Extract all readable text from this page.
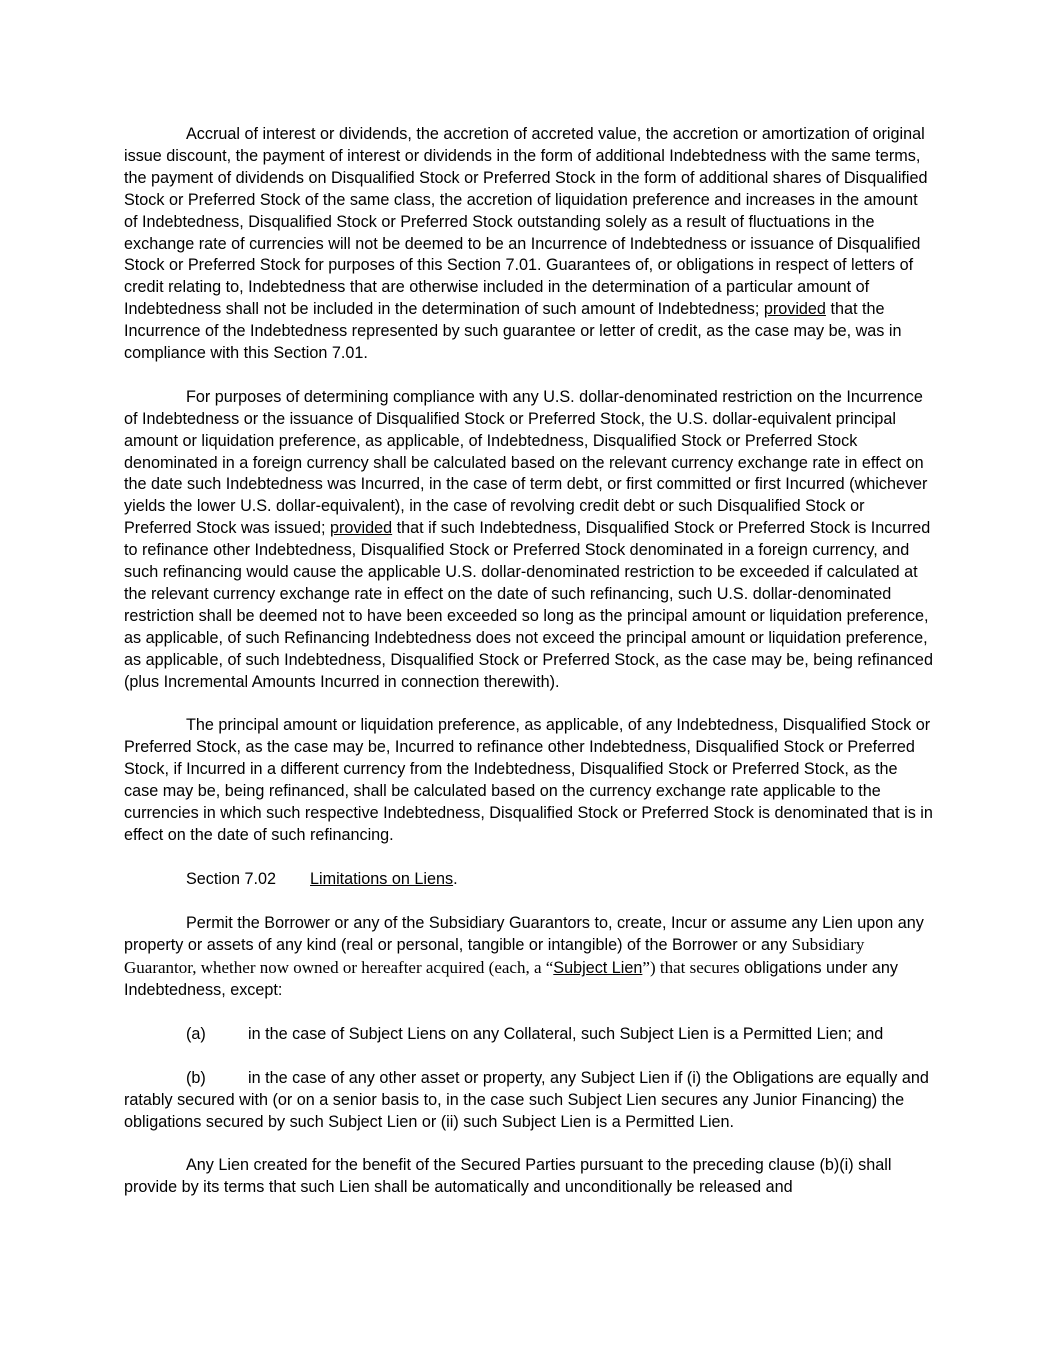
Accrual of interest or dividends, the accretion of accreted value, the accretion or amortization of original issue discount, the payment of interest or dividends in the form of additional Indebtedness with the same terms, the payment of dividends on Disqualified Stock or Preferred Stock in the form of additional shares of Disqualified Stock or Preferred Stock of the same class, the accretion of liquidation preference and increases in the amount of Indebtedness, Disqualified Stock or Preferred Stock outstanding solely as a result of fluctuations in the exchange rate of currencies will not be deemed to be an Incurrence of Indebtedness or issuance of Disqualified Stock or Preferred Stock for purposes of this Section 7.01. Guarantees of, or obligations in respect of letters of credit relating to, Indebtedness that are otherwise included in the determination of a particular amount of Indebtedness shall not be included in the determination of such amount of Indebtedness; provided that the Incurrence of the Indebtedness represented by such guarantee or letter of credit, as the case may be, was in compliance with this Section 7.01.

For purposes of determining compliance with any U.S. dollar-denominated restriction on the Incurrence of Indebtedness or the issuance of Disqualified Stock or Preferred Stock, the U.S. dollar-equivalent principal amount or liquidation preference, as applicable, of Indebtedness, Disqualified Stock or Preferred Stock denominated in a foreign currency shall be calculated based on the relevant currency exchange rate in effect on the date such Indebtedness was Incurred, in the case of term debt, or first committed or first Incurred (whichever yields the lower U.S. dollar-equivalent), in the case of revolving credit debt or such Disqualified Stock or Preferred Stock was issued; provided that if such Indebtedness, Disqualified Stock or Preferred Stock is Incurred to refinance other Indebtedness, Disqualified Stock or Preferred Stock denominated in a foreign currency, and such refinancing would cause the applicable U.S. dollar-denominated restriction to be exceeded if calculated at the relevant currency exchange rate in effect on the date of such refinancing, such U.S. dollar-denominated restriction shall be deemed not to have been exceeded so long as the principal amount or liquidation preference, as applicable, of such Refinancing Indebtedness does not exceed the principal amount or liquidation preference, as applicable, of such Indebtedness, Disqualified Stock or Preferred Stock, as the case may be, being refinanced (plus Incremental Amounts Incurred in connection therewith).

The principal amount or liquidation preference, as applicable, of any Indebtedness, Disqualified Stock or Preferred Stock, as the case may be, Incurred to refinance other Indebtedness, Disqualified Stock or Preferred Stock, if Incurred in a different currency from the Indebtedness, Disqualified Stock or Preferred Stock, as the case may be, being refinanced, shall be calculated based on the currency exchange rate applicable to the currencies in which such respective Indebtedness, Disqualified Stock or Preferred Stock is denominated that is in effect on the date of such refinancing.

Section 7.02 Limitations on Liens.

Permit the Borrower or any of the Subsidiary Guarantors to, create, Incur or assume any Lien upon any property or assets of any kind (real or personal, tangible or intangible) of the Borrower or any Subsidiary Guarantor, whether now owned or hereafter acquired (each, a “Subject Lien”) that secures obligations under any Indebtedness, except:

(a)	in the case of Subject Liens on any Collateral, such Subject Lien is a Permitted Lien; and

(b)	in the case of any other asset or property, any Subject Lien if (i) the Obligations are equally and ratably secured with (or on a senior basis to, in the case such Subject Lien secures any Junior Financing) the obligations secured by such Subject Lien or (ii) such Subject Lien is a Permitted Lien.

Any Lien created for the benefit of the Secured Parties pursuant to the preceding clause (b)(i) shall provide by its terms that such Lien shall be automatically and unconditionally be released and
